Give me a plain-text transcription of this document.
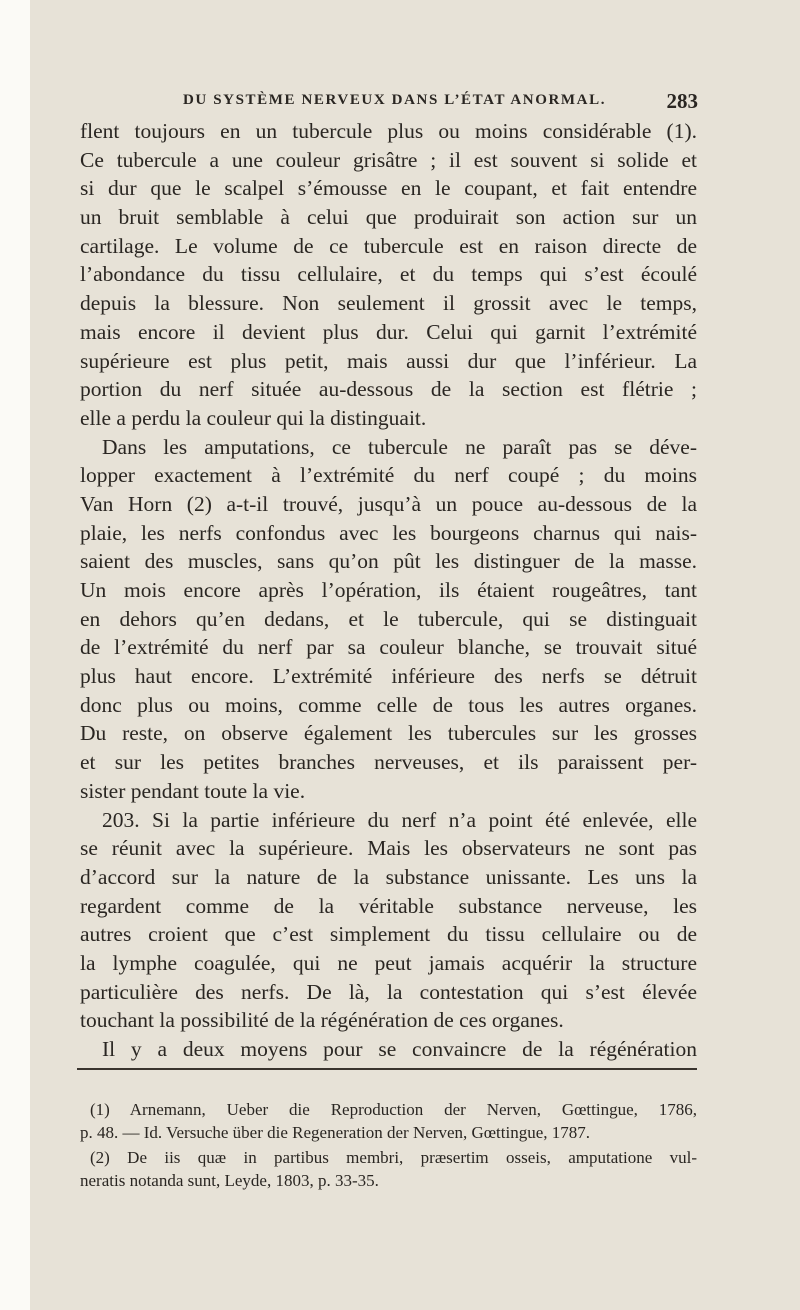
DU SYSTÈME NERVEUX DANS L’ÉTAT ANORMAL.	283
flent toujours en un tubercule plus ou moins considérable (1).
Ce tubercule a une couleur grisâtre ; il est souvent si solide et
si dur que le scalpel s’émousse en le coupant, et fait entendre
un bruit semblable à celui que produirait son action sur un
cartilage. Le volume de ce tubercule est en raison directe de
l’abondance du tissu cellulaire, et du temps qui s’est écoulé
depuis la blessure. Non seulement il grossit avec le temps,
mais encore il devient plus dur. Celui qui garnit l’extrémité
supérieure est plus petit, mais aussi dur que l’inférieur. La
portion du nerf située au-dessous de la section est flétrie ;
elle a perdu la couleur qui la distinguait.
Dans les amputations, ce tubercule ne paraît pas se déve-
lopper exactement à l’extrémité du nerf coupé ; du moins
Van Horn (2) a-t-il trouvé, jusqu’à un pouce au-dessous de la
plaie, les nerfs confondus avec les bourgeons charnus qui nais-
saient des muscles, sans qu’on pût les distinguer de la masse.
Un mois encore après l’opération, ils étaient rougeâtres, tant
en dehors qu’en dedans, et le tubercule, qui se distinguait
de l’extrémité du nerf par sa couleur blanche, se trouvait situé
plus haut encore. L’extrémité inférieure des nerfs se détruit
donc plus ou moins, comme celle de tous les autres organes.
Du reste, on observe également les tubercules sur les grosses
et sur les petites branches nerveuses, et ils paraissent per-
sister pendant toute la vie.
203. Si la partie inférieure du nerf n’a point été enlevée, elle
se réunit avec la supérieure. Mais les observateurs ne sont pas
d’accord sur la nature de la substance unissante. Les uns la
regardent comme de la véritable substance nerveuse, les
autres croient que c’est simplement du tissu cellulaire ou de
la lymphe coagulée, qui ne peut jamais acquérir la structure
particulière des nerfs. De là, la contestation qui s’est élevée
touchant la possibilité de la régénération de ces organes.
Il y a deux moyens pour se convaincre de la régénération
(1) Arnemann, Ueber die Reproduction der Nerven, Gœttingue, 1786,
p. 48. — Id. Versuche über die Regeneration der Nerven, Gœttingue, 1787.
(2) De iis quæ in partibus membri, præsertim osseis, amputatione vul-
neratis notanda sunt, Leyde, 1803, p. 33-35.
